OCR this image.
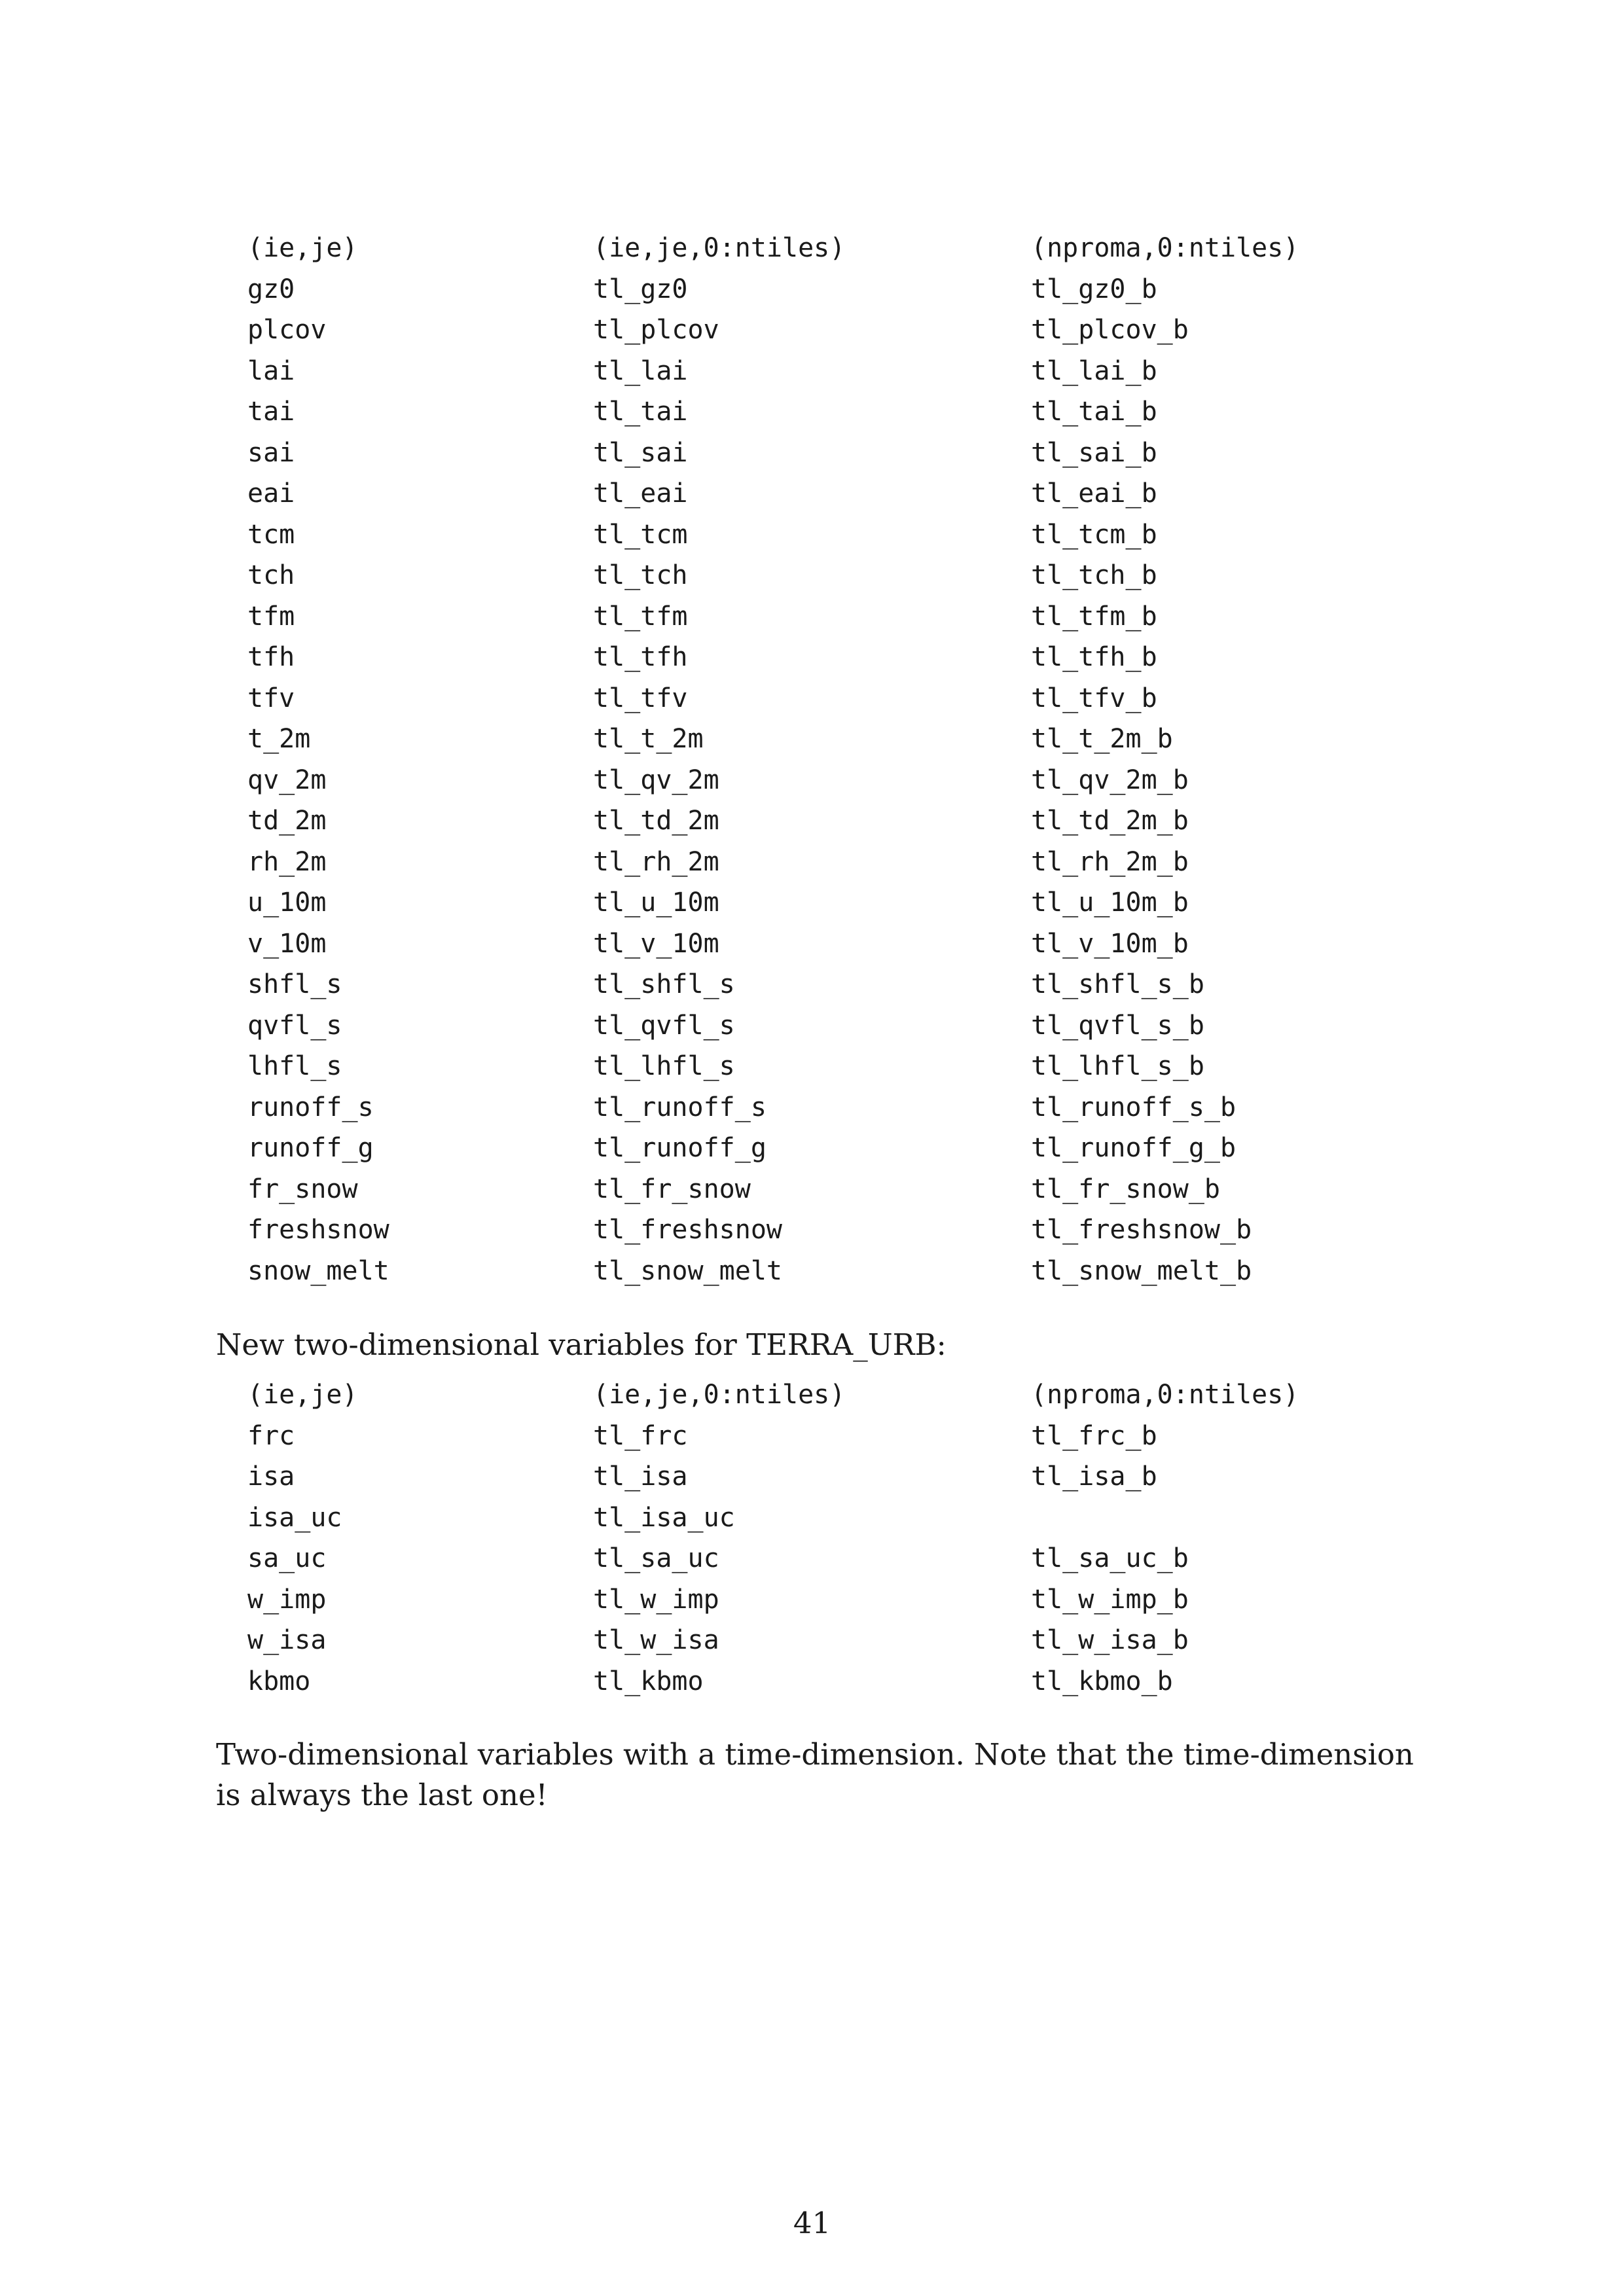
(ie,je)	(ie,je,0:ntiles)	(nproma,0:ntiles)
gz0	tl_gz0	tl_gz0_b
plcov	tl_plcov	tl_plcov_b
lai	tl_lai	tl_lai_b
tai	tl_tai	tl_tai_b
sai	tl_sai	tl_sai_b
eai	tl_eai	tl_eai_b
tcm	tl_tcm	tl_tcm_b
tch	tl_tch	tl_tch_b
tfm	tl_tfm	tl_tfm_b
tfh	tl_tfh	tl_tfh_b
tfv	tl_tfv	tl_tfv_b
t_2m	tl_t_2m	tl_t_2m_b
qv_2m	tl_qv_2m	tl_qv_2m_b
td_2m	tl_td_2m	tl_td_2m_b
rh_2m	tl_rh_2m	tl_rh_2m_b
u_10m	tl_u_10m	tl_u_10m_b
v_10m	tl_v_10m	tl_v_10m_b
shfl_s	tl_shfl_s	tl_shfl_s_b
qvfl_s	tl_qvfl_s	tl_qvfl_s_b
lhfl_s	tl_lhfl_s	tl_lhfl_s_b
runoff_s	tl_runoff_s	tl_runoff_s_b
runoff_g	tl_runoff_g	tl_runoff_g_b
fr_snow	tl_fr_snow	tl_fr_snow_b
freshsnow	tl_freshsnow	tl_freshsnow_b
snow_melt	tl_snow_melt	tl_snow_melt_b

New two-dimensional variables for TERRA_URB:

(ie,je)	(ie,je,0:ntiles)	(nproma,0:ntiles)
frc	tl_frc	tl_frc_b
isa	tl_isa	tl_isa_b
isa_uc	tl_isa_uc
sa_uc	tl_sa_uc	tl_sa_uc_b
w_imp	tl_w_imp	tl_w_imp_b
w_isa	tl_w_isa	tl_w_isa_b
kbmo	tl_kbmo	tl_kbmo_b

Two-dimensional variables with a time-dimension. Note that the time-dimension is always the last one!

41
